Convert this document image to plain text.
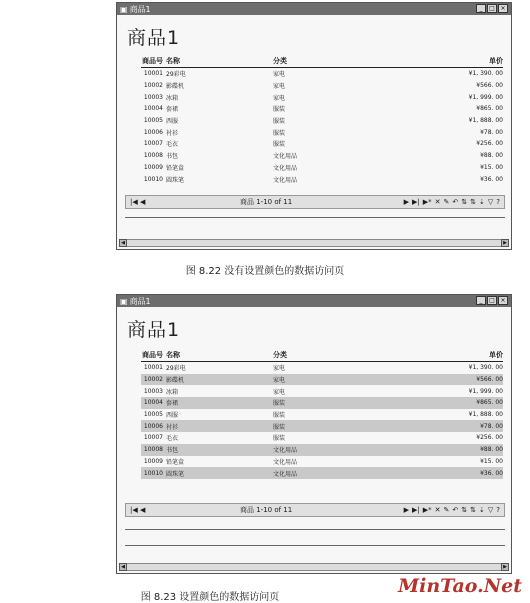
▣ 商品1	_	□ ×
商品1
商品号 名称	分类	单价
10001 29彩电	家电	¥1, 390. 00
10002 影碟机	家电	¥566. 00
10003 冰箱	家电	¥1, 999. 00
10004 套裙	服装	¥865. 00
10005 西服	服装	¥1, 888. 00
10006 衬衫	服装	¥78. 00
10007 毛衣	服装	¥256. 00
10008 书包	文化用品	¥88. 00
10009 铅笔盒	文化用品	¥15. 00
10010 圆珠笔	文化用品	¥36. 00
|◀ ◀	商品 1-10 of 11	▶ ▶| ▶* ✕ ✎ ↶ ⇅ ⇅ ⇣ ▽ ?
◀	▶
图 8.22 没有设置颜色的数据访问页
▣ 商品1	_	□ ×
商品1
商品号 名称	分类	单价
10001 29彩电	家电	¥1, 390. 00
10002 影碟机	家电	¥566. 00
10003 冰箱	家电	¥1, 999. 00
10004 套裙	服装	¥865. 00
10005 西服	服装	¥1, 888. 00
10006 衬衫	服装	¥78. 00
10007 毛衣	服装	¥256. 00
10008 书包	文化用品	¥88. 00
10009 铅笔盒	文化用品	¥15. 00
10010 圆珠笔	文化用品	¥36. 00
|◀ ◀	商品 1-10 of 11	▶ ▶| ▶* ✕ ✎ ↶ ⇅ ⇅ ⇣ ▽ ?
◀	▶
图 8.23 设置颜色的数据访问页
MinTao.Net
